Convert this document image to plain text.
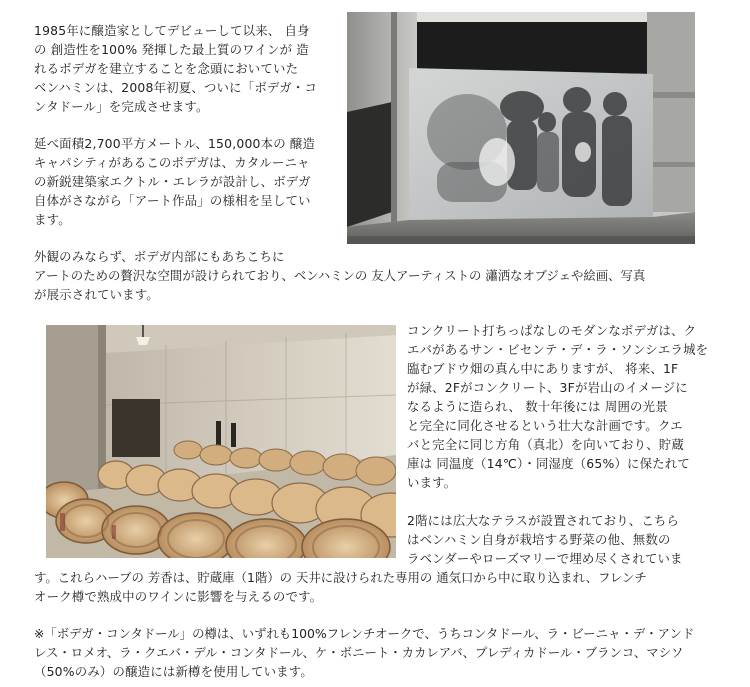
1985年に醸造家としてデビューして以来、 自身

の 創造性を100% 発揮した最上質のワインが 造

れるボデガを建立することを念頭においていた

ベンハミンは、2008年初夏、ついに「ボデガ・コ

ンタドール」を完成させます。

延べ面積2,700平方メートル、150,000本の 醸造

キャパシティがあるこのボデガは、カタルーニャ

の新鋭建築家エクトル・エレラが設計し、ボデガ

自体がさながら「アート作品」の様相を呈してい

ます。

外観のみならず、ボデガ内部にもあちこちに

アートのための贅沢な空間が設けられており、ベンハミンの 友人アーティストの 瀟洒なオブジェや絵画、写真

が展示されています。

コンクリート打ちっぱなしのモダンなボデガは、ク

エバがあるサン・ビセンテ・デ・ラ・ソンシエラ城を

臨むブドウ畑の真ん中にありますが、 将来、1F

が緑、2Fがコンクリート、3Fが岩山のイメージに

なるように造られ、 数十年後には 周囲の光景

と完全に同化させるという壮大な計画です。クエ

バと完全に同じ方角（真北）を向いており、貯蔵

庫は 同温度（14℃）・同湿度（65%）に保たれて

います。

2階には広大なテラスが設置されており、こちら

はベンハミン自身が栽培する野菜の他、無数の

ラベンダーやローズマリーで埋め尽くされていま

す。これらハーブの 芳香は、貯蔵庫（1階）の 天井に設けられた専用の 通気口から中に取り込まれ、フレンチ

オーク樽で熟成中のワインに影響を与えるのです。

※「ボデガ・コンタドール」の樽は、いずれも100%フレンチオークで、うちコンタドール、ラ・ビーニャ・デ・アンド

レス・ロメオ、ラ・クエバ・デル・コンタドール、ケ・ボニート・カカレアバ、プレディカドール・ブランコ、マシソ

（50%のみ）の醸造には新樽を使用しています。
